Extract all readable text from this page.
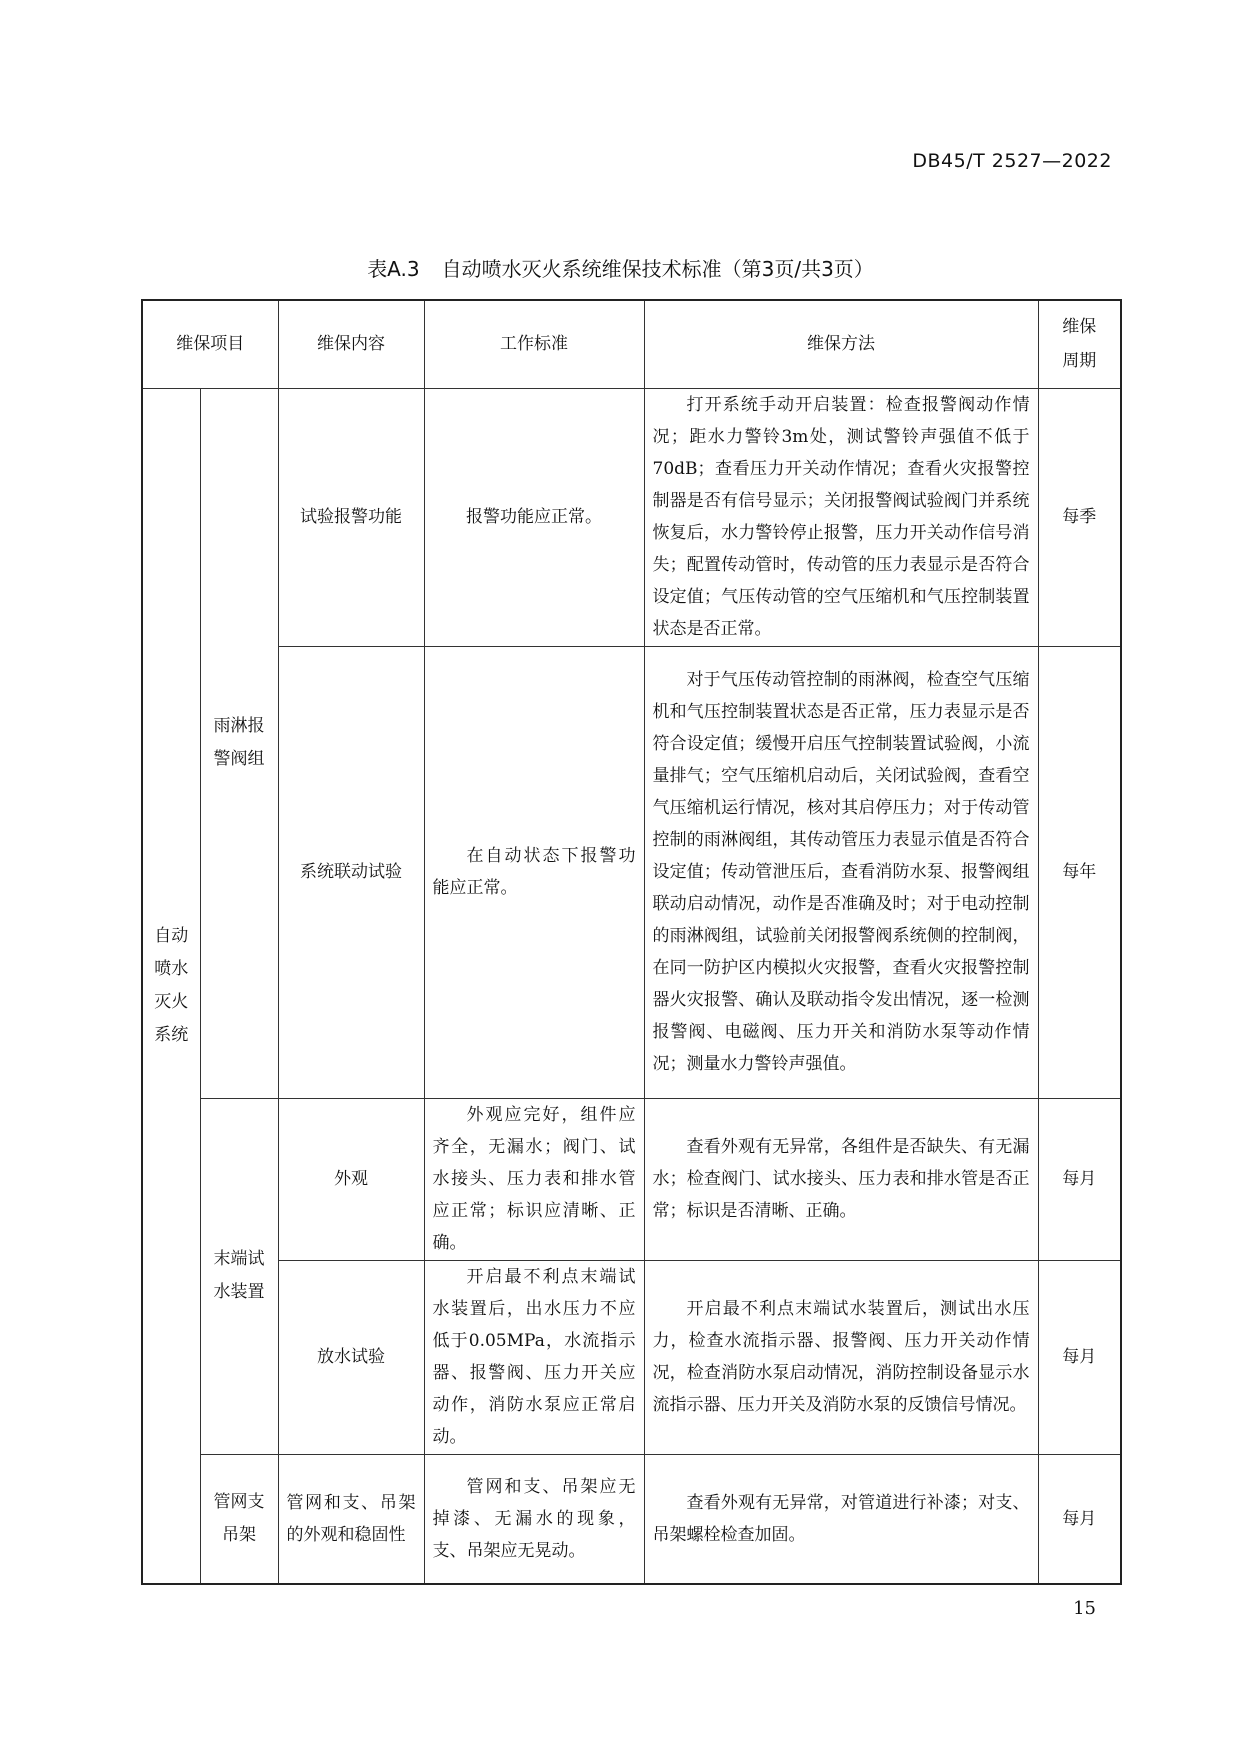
DB45/T 2527—2022
表A.3 自动喷水灭火系统维保技术标准（第3页/共3页）
维保项目		维保内容	工作标准	维保方法	维保周期

自动喷水灭火系统	雨淋报警阀组	试验报警功能	报警功能应正常。	打开系统手动开启装置：检查报警阀动作情况；距水力警铃3m处，测试警铃声强值不低于70dB；查看压力开关动作情况；查看火灾报警控制器是否有信号显示；关闭报警阀试验阀门并系统恢复后，水力警铃停止报警，压力开关动作信号消失；配置传动管时，传动管的压力表显示是否符合设定值；气压传动管的空气压缩机和气压控制装置状态是否正常。	每季
		系统联动试验	在自动状态下报警功能应正常。	对于气压传动管控制的雨淋阀，检查空气压缩机和气压控制装置状态是否正常，压力表显示是否符合设定值；缓慢开启压气控制装置试验阀，小流量排气；空气压缩机启动后，关闭试验阀，查看空气压缩机运行情况，核对其启停压力；对于传动管控制的雨淋阀组，其传动管压力表显示值是否符合设定值；传动管泄压后，查看消防水泵、报警阀组联动启动情况，动作是否准确及时；对于电动控制的雨淋阀组，试验前关闭报警阀系统侧的控制阀，在同一防护区内模拟火灾报警，查看火灾报警控制器火灾报警、确认及联动指令发出情况，逐一检测报警阀、电磁阀、压力开关和消防水泵等动作情况；测量水力警铃声强值。	每年

	末端试水装置	外观	外观应完好，组件应齐全，无漏水；阀门、试水接头、压力表和排水管应正常；标识应清晰、正确。	查看外观有无异常，各组件是否缺失、有无漏水；检查阀门、试水接头、压力表和排水管是否正常；标识是否清晰、正确。	每月
		放水试验	开启最不利点末端试水装置后，出水压力不应低于0.05MPa，水流指示器、报警阀、压力开关应动作，消防水泵应正常启动。	开启最不利点末端试水装置后，测试出水压力，检查水流指示器、报警阀、压力开关动作情况，检查消防水泵启动情况，消防控制设备显示水流指示器、压力开关及消防水泵的反馈信号情况。	每月

	管网支吊架	管网和支、吊架的外观和稳固性	管网和支、吊架应无掉漆、无漏水的现象，支、吊架应无晃动。	查看外观有无异常，对管道进行补漆；对支、吊架螺栓检查加固。	每月
15
